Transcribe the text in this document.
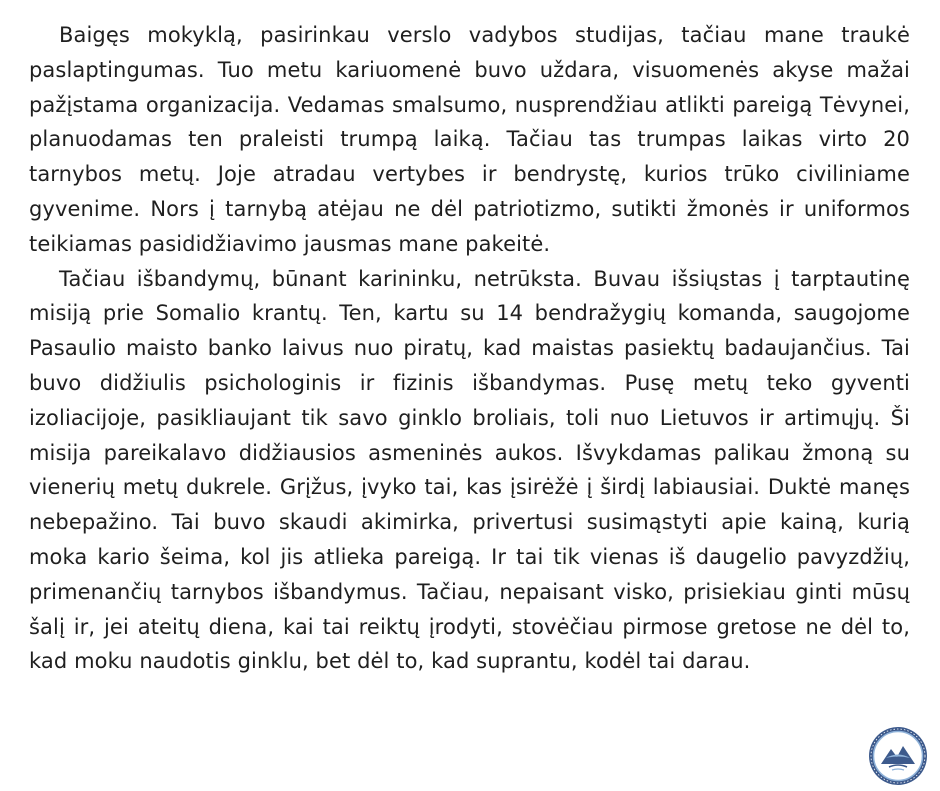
Baigęs mokyklą, pasirinkau verslo vadybos studijas, tačiau mane traukė paslaptingumas. Tuo metu kariuomenė buvo uždara, visuomenės akyse mažai pažįstama organizacija. Vedamas smalsumo, nusprendžiau atlikti pareigą Tėvynei, planuodamas ten praleisti trumpą laiką. Tačiau tas trumpas laikas virto 20 tarnybos metų. Joje atradau vertybes ir bendrystę, kurios trūko civiliniame gyvenime. Nors į tarnybą atėjau ne dėl patriotizmo, sutikti žmonės ir uniformos teikiamas pasididžiavimo jausmas mane pakeitė.

Tačiau išbandymų, būnant karininku, netrūksta. Buvau išsiųstas į tarptautinę misiją prie Somalio krantų. Ten, kartu su 14 bendražygių komanda, saugojome Pasaulio maisto banko laivus nuo piratų, kad maistas pasiektų badaujančius. Tai buvo didžiulis psichologinis ir fizinis išbandymas. Pusę metų teko gyventi izoliacijoje, pasikliaujant tik savo ginklo broliais, toli nuo Lietuvos ir artimųjų. Ši misija pareikalavo didžiausios asmeninės aukos. Išvykdamas palikau žmoną su vienerių metų dukrele. Grįžus, įvyko tai, kas įsirėžė į širdį labiausiai. Duktė manęs nebepažino. Tai buvo skaudi akimirka, privertusi susimąstyti apie kainą, kurią moka kario šeima, kol jis atlieka pareigą. Ir tai tik vienas iš daugelio pavyzdžių, primenančių tarnybos išbandymus. Tačiau, nepaisant visko, prisiekiau ginti mūsų šalį ir, jei ateitų diena, kai tai reiktų įrodyti, stovėčiau pirmose gretose ne dėl to, kad moku naudotis ginklu, bet dėl to, kad suprantu, kodėl tai darau.
